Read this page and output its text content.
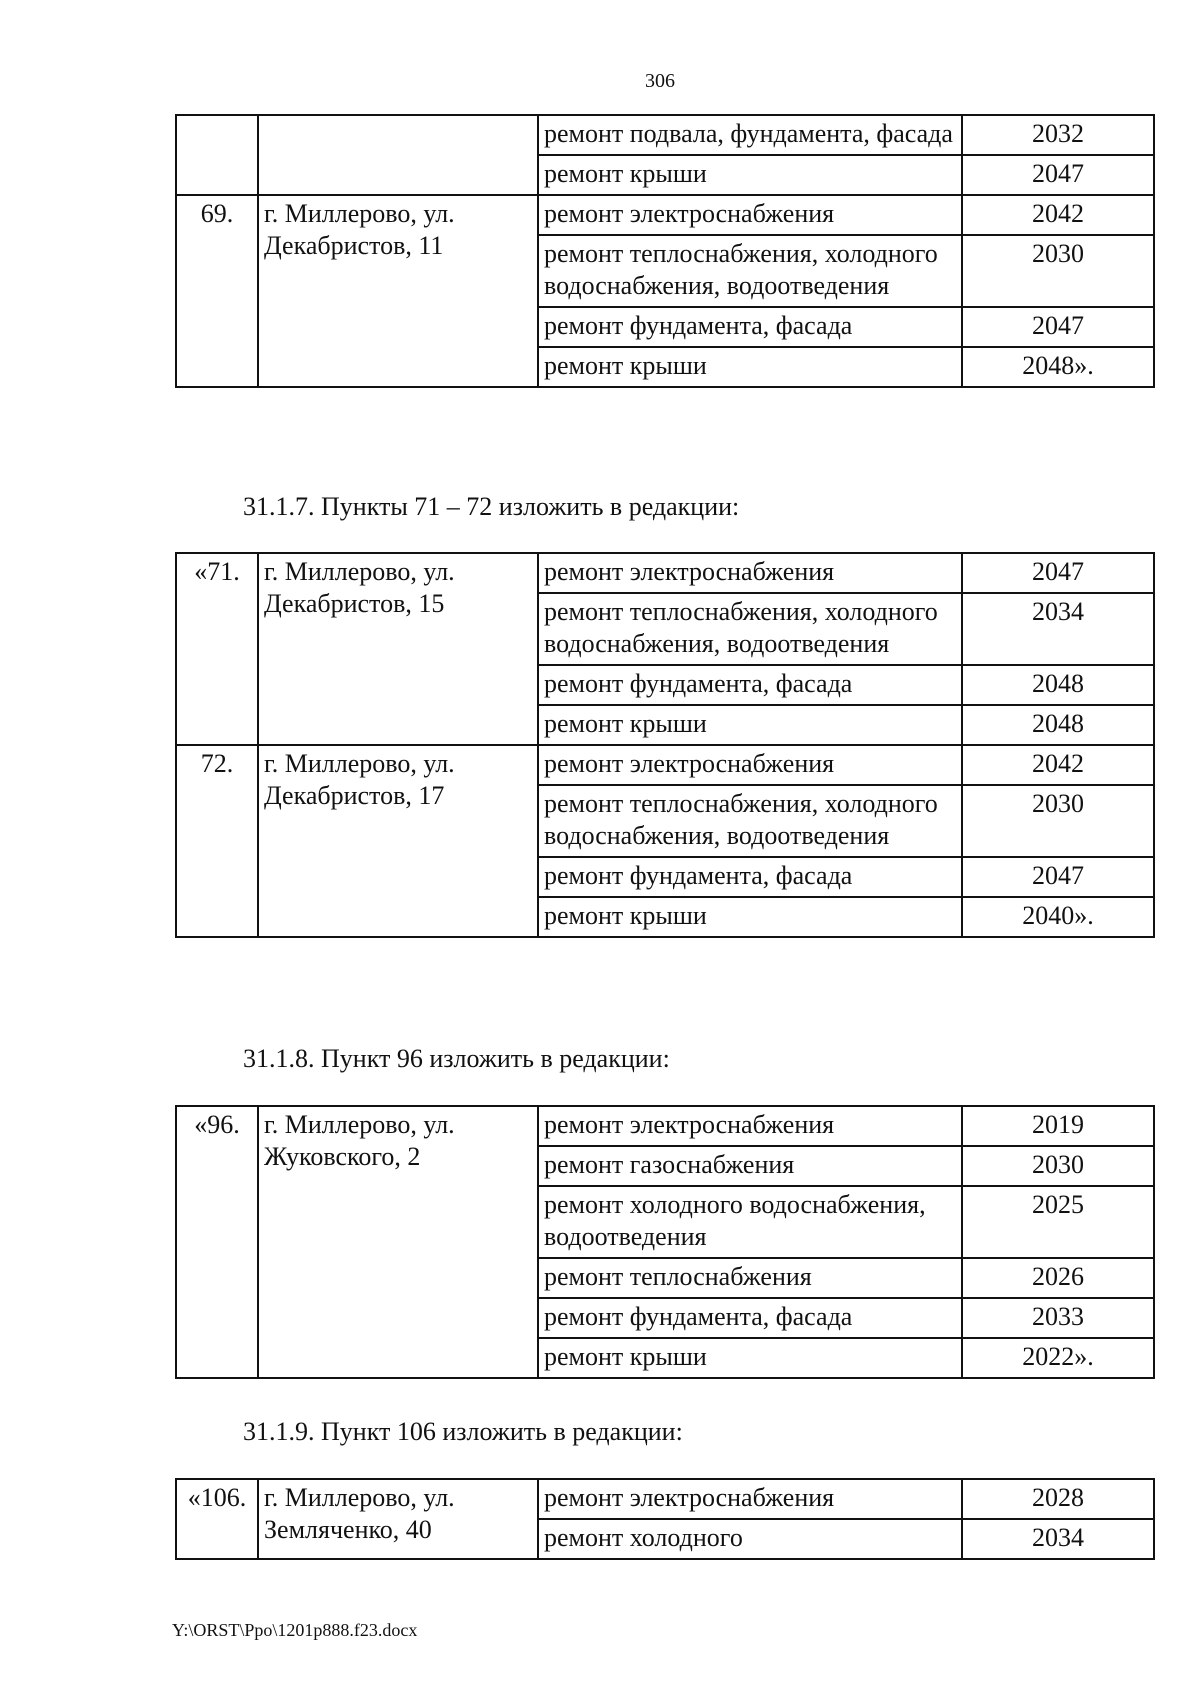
306
		ремонт подвала, фундамента, фасада	2032
		ремонт крыши	2047
69.	г. Миллерово, ул. Декабристов, 11	ремонт электроснабжения	2042
		ремонт теплоснабжения, холодного водоснабжения, водоотведения	2030
		ремонт фундамента, фасада	2047
		ремонт крыши	2048».
31.1.7. Пункты 71 – 72 изложить в редакции:
«71.	г. Миллерово, ул. Декабристов, 15	ремонт электроснабжения	2047
		ремонт теплоснабжения, холодного водоснабжения, водоотведения	2034
		ремонт фундамента, фасада	2048
		ремонт крыши	2048
72.	г. Миллерово, ул. Декабристов, 17	ремонт электроснабжения	2042
		ремонт теплоснабжения, холодного водоснабжения, водоотведения	2030
		ремонт фундамента, фасада	2047
		ремонт крыши	2040».
31.1.8. Пункт 96 изложить в редакции:
«96.	г. Миллерово, ул. Жуковского, 2	ремонт электроснабжения	2019
		ремонт газоснабжения	2030
		ремонт холодного водоснабжения, водоотведения	2025
		ремонт теплоснабжения	2026
		ремонт фундамента, фасада	2033
		ремонт крыши	2022».
31.1.9. Пункт 106 изложить в редакции:
«106.	г. Миллерово, ул. Земляченко, 40	ремонт электроснабжения	2028
		ремонт холодного	2034
Y:\ORST\Ppo\1201p888.f23.docx
